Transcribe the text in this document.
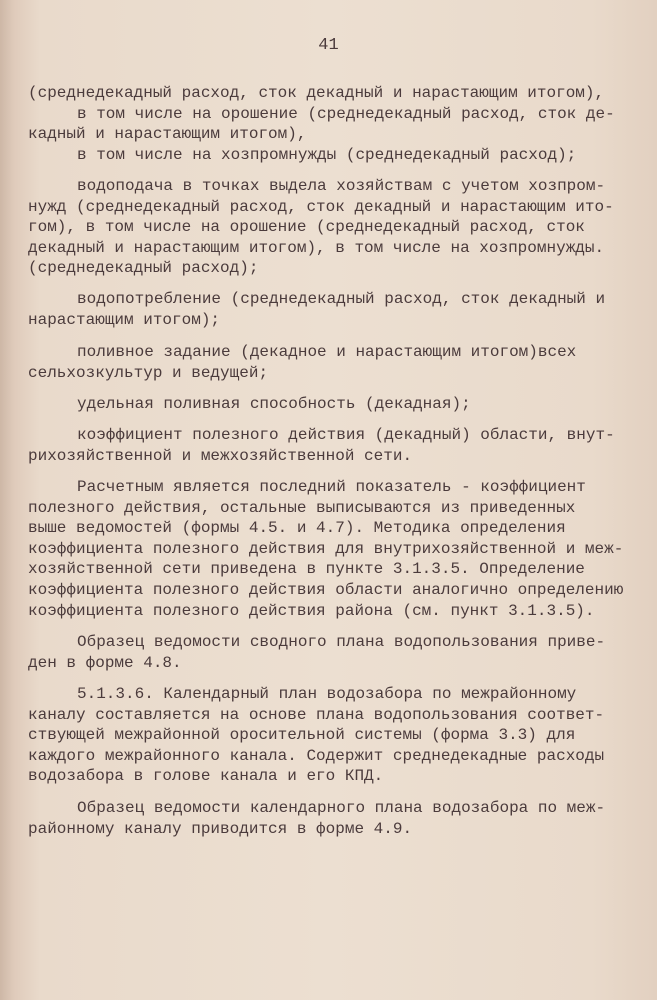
41
(среднедекадный расход, сток декадный и нарастающим итогом),
в том числе на орошение (среднедекадный расход, сток де-
кадный и нарастающим итогом),
в том числе на хозпромнужды (среднедекадный расход);
водоподача в точках выдела хозяйствам с учетом хозпром-
нужд (среднедекадный расход, сток декадный и нарастающим ито-
гом), в том числе на орошение (среднедекадный расход, сток
декадный и нарастающим итогом), в том числе на хозпромнужды.
(среднедекадный расход);
водопотребление (среднедекадный расход, сток декадный и
нарастающим итогом);
поливное задание (декадное и нарастающим итогом)всех
сельхозкультур и ведущей;
удельная поливная способность (декадная);
коэффициент полезного действия (декадный) области, внут-
рихозяйственной и межхозяйственной сети.
Расчетным является последний показатель - коэффициент
полезного действия, остальные выписываются из приведенных
выше ведомостей (формы 4.5. и 4.7). Методика определения
коэффициента полезного действия для внутрихозяйственной и меж-
хозяйственной сети приведена в пункте 3.1.3.5. Определение
коэффициента полезного действия области аналогично определению
коэффициента полезного действия района (см. пункт 3.1.3.5).
Образец ведомости сводного плана водопользования приве-
ден в форме 4.8.
5.1.3.6. Календарный план водозабора по межрайонному
каналу составляется на основе плана водопользования соответ-
ствующей межрайонной оросительной системы (форма 3.3) для
каждого межрайонного канала. Содержит среднедекадные расходы
водозабора в голове канала и его КПД.
Образец ведомости календарного плана водозабора по меж-
районному каналу приводится в форме 4.9.
